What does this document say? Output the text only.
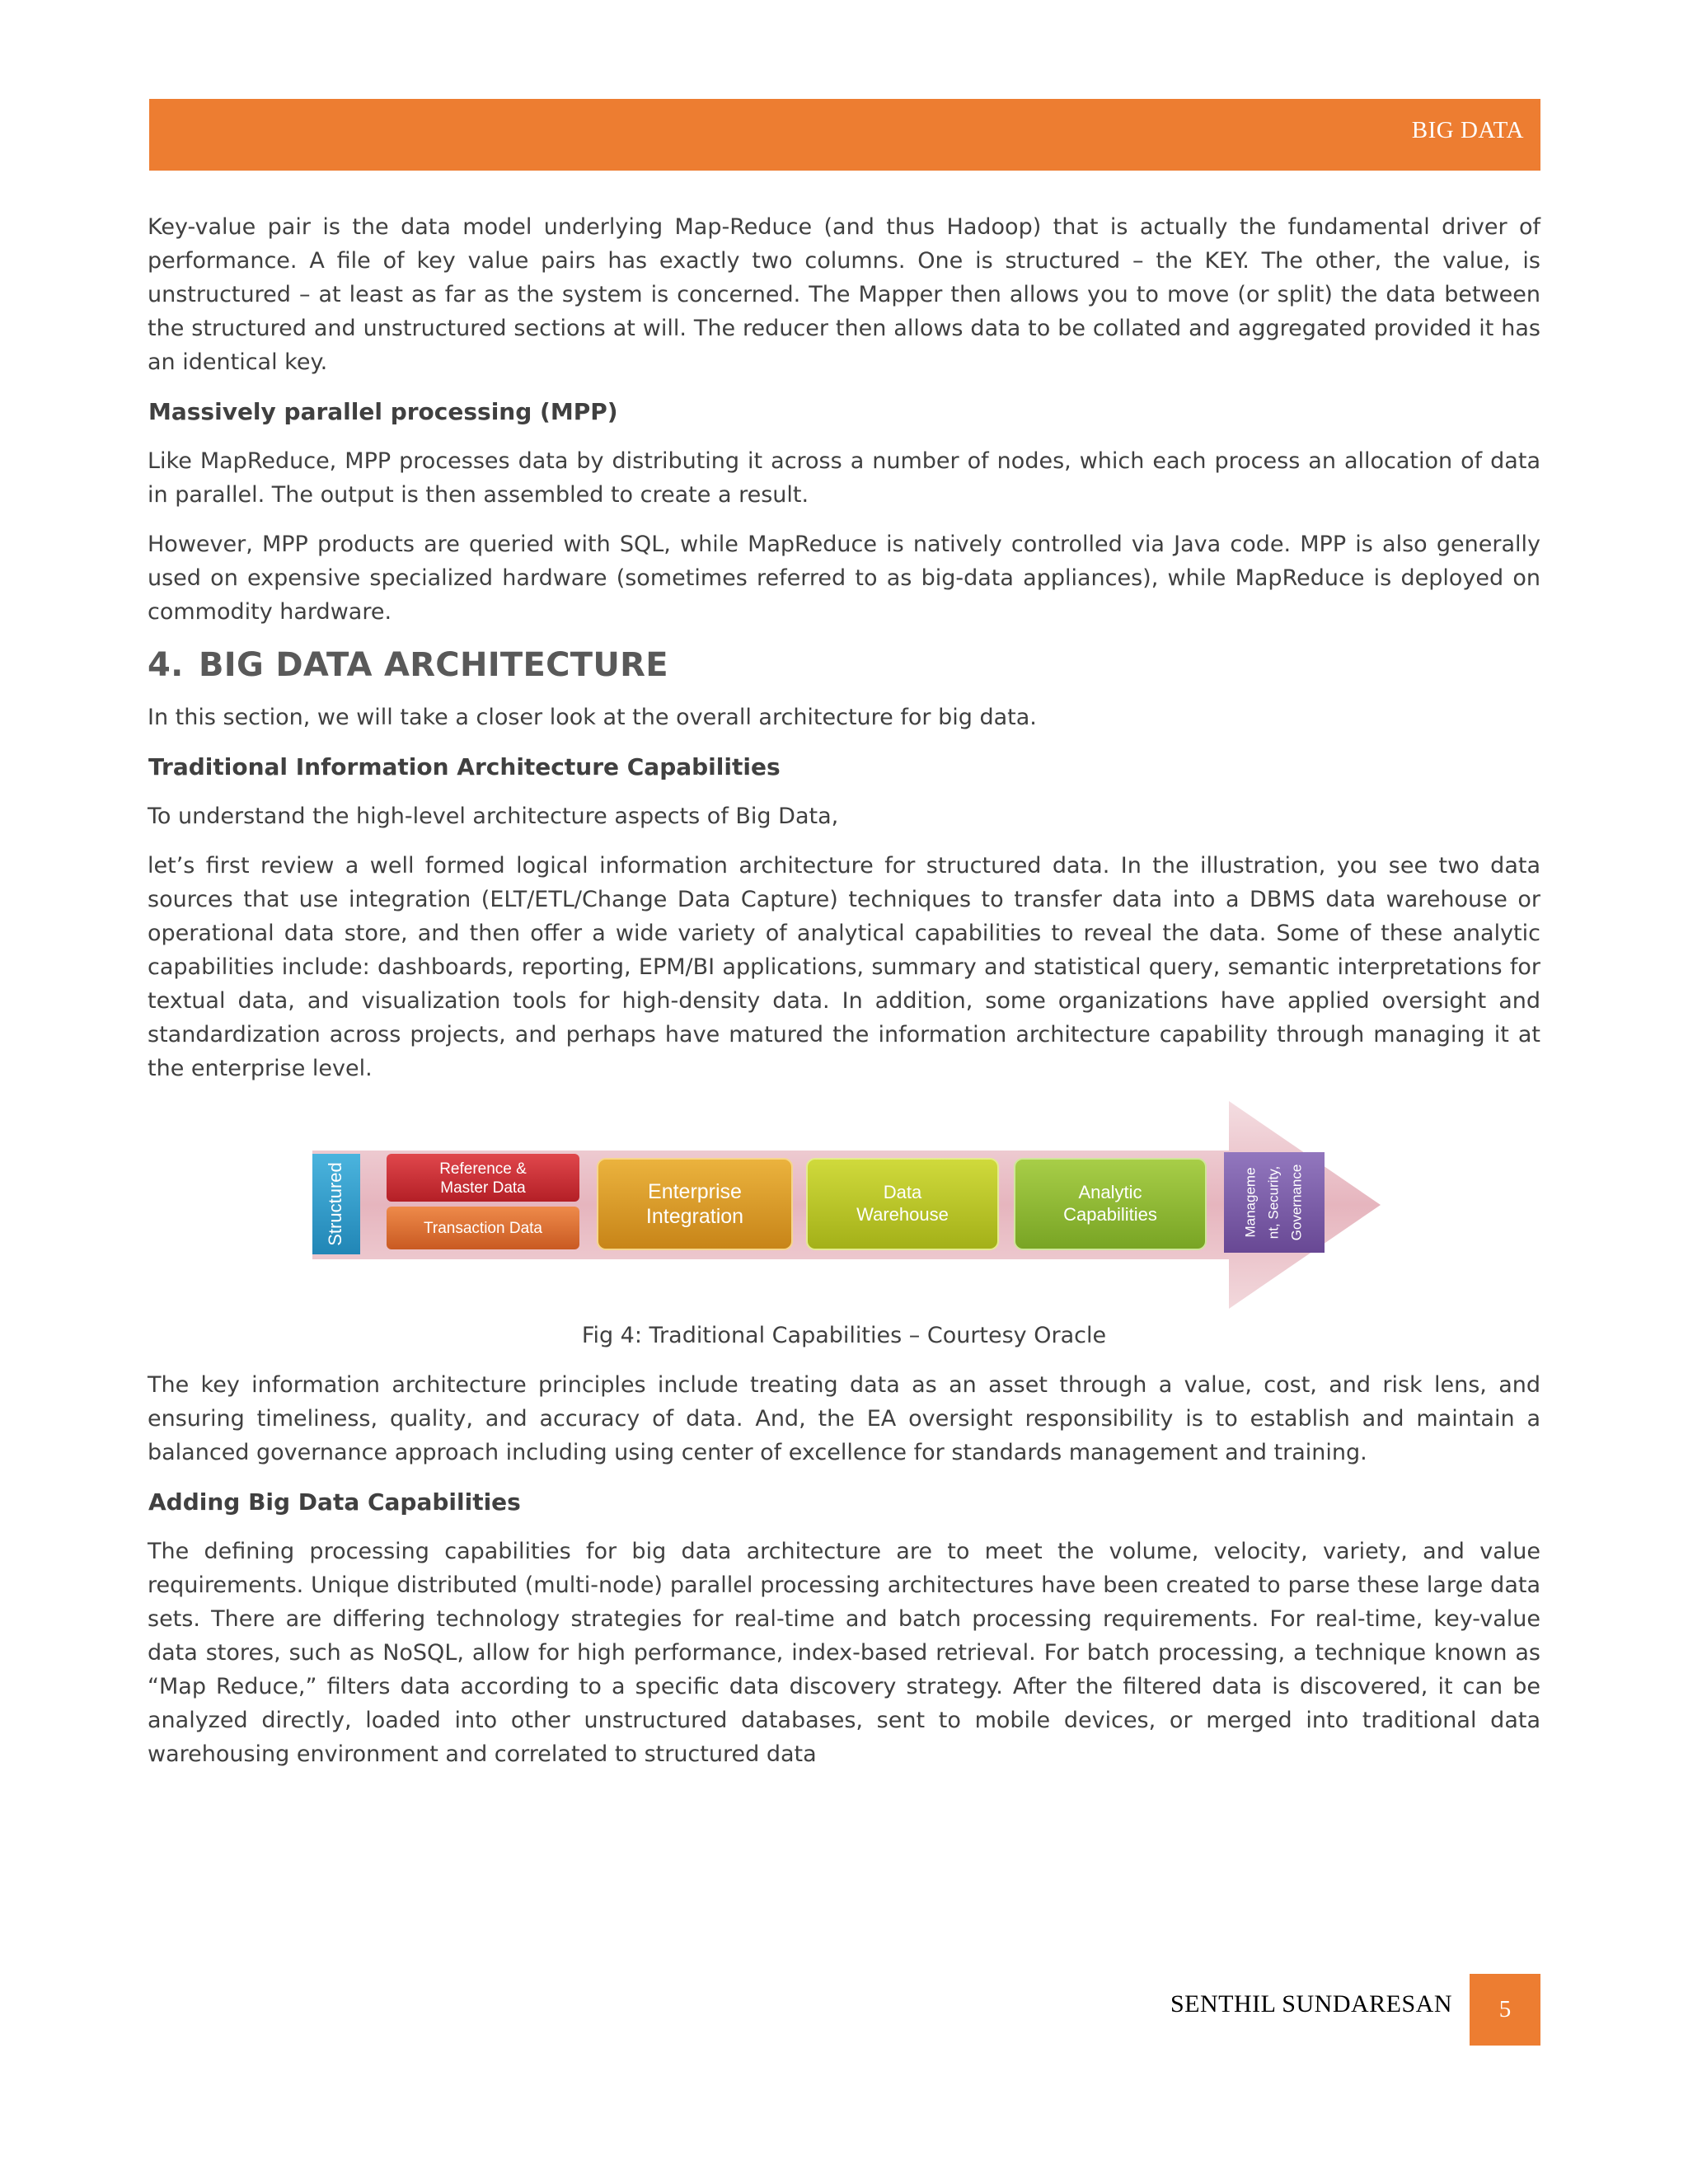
BIG DATA

Key-value pair is the data model underlying Map-Reduce (and thus Hadoop) that is actually the fundamental driver of performance. A file of key value pairs has exactly two columns. One is structured – the KEY. The other, the value, is unstructured – at least as far as the system is concerned. The Mapper then allows you to move (or split) the data between the structured and unstructured sections at will. The reducer then allows data to be collated and aggregated provided it has an identical key.

Massively parallel processing (MPP)

Like MapReduce, MPP processes data by distributing it across a number of nodes, which each process an allocation of data in parallel. The output is then assembled to create a result.

However, MPP products are queried with SQL, while MapReduce is natively controlled via Java code. MPP is also generally used on expensive specialized hardware (sometimes referred to as big-data appliances), while MapReduce is deployed on commodity hardware.

4. BIG DATA ARCHITECTURE

In this section, we will take a closer look at the overall architecture for big data.

Traditional Information Architecture Capabilities

To understand the high-level architecture aspects of Big Data,

let’s first review a well formed logical information architecture for structured data. In the illustration, you see two data sources that use integration (ELT/ETL/Change Data Capture) techniques to transfer data into a DBMS data warehouse or operational data store, and then offer a wide variety of analytical capabilities to reveal the data. Some of these analytic capabilities include: dashboards, reporting, EPM/BI applications, summary and statistical query, semantic interpretations for textual data, and visualization tools for high-density data. In addition, some organizations have applied oversight and standardization across projects, and perhaps have matured the information architecture capability through managing it at the enterprise level.

Structured	Reference &
Master Data
Transaction Data
Enterprise
Integration
Data
Warehouse
Analytic
Capabilities	Manageme nt, Security, Governance
Fig 4: Traditional Capabilities – Courtesy Oracle

The key information architecture principles include treating data as an asset through a value, cost, and risk lens, and ensuring timeliness, quality, and accuracy of data. And, the EA oversight responsibility is to establish and maintain a balanced governance approach including using center of excellence for standards management and training.

Adding Big Data Capabilities

The defining processing capabilities for big data architecture are to meet the volume, velocity, variety, and value requirements. Unique distributed (multi-node) parallel processing architectures have been created to parse these large data sets. There are differing technology strategies for real-time and batch processing requirements. For real-time, key-value data stores, such as NoSQL, allow for high performance, index-based retrieval. For batch processing, a technique known as “Map Reduce,” filters data according to a specific data discovery strategy. After the filtered data is discovered, it can be analyzed directly, loaded into other unstructured databases, sent to mobile devices, or merged into traditional data warehousing environment and correlated to structured data

SENTHIL SUNDARESAN	5
